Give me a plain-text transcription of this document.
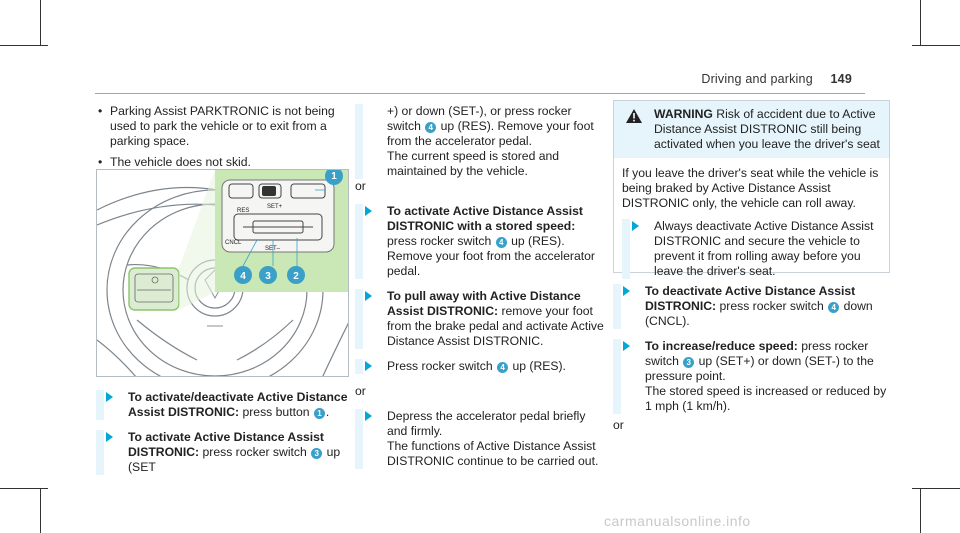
Driving and parking 149
• Parking Assist PARKTRONIC is not being used to park the vehicle or to exit from a parking space.
• The vehicle does not skid.
RES
SET+
CNCL
SET–
1
4 3 2
To activate/deactivate Active Distance Assist DISTRONIC: press button 1 .
To activate Active Distance Assist DISTRONIC: press rocker switch 3 up (SET
+) or down (SET-), or press rocker switch 4 up (RES). Remove your foot from the accelerator pedal.
The current speed is stored and maintained by the vehicle.
or
To activate Active Distance Assist DISTRONIC with a stored speed: press rocker switch 4 up (RES). Remove your foot from the accelerator pedal.
To pull away with Active Distance Assist DISTRONIC: remove your foot from the brake pedal and activate Active Distance Assist DISTRONIC.
Press rocker switch 4 up (RES).
or
Depress the accelerator pedal briefly and firmly.
The functions of Active Distance Assist DISTRONIC continue to be carried out.
WARNING Risk of accident due to Active Distance Assist DISTRONIC still being activated when you leave the driver's seat
If you leave the driver's seat while the vehicle is being braked by Active Distance Assist DISTRONIC only, the vehicle can roll away.
Always deactivate Active Distance Assist DISTRONIC and secure the vehicle to prevent it from rolling away before you leave the driver's seat.
To deactivate Active Distance Assist DISTRONIC: press rocker switch 4 down (CNCL).
To increase/reduce speed: press rocker switch 3 up (SET+) or down (SET-) to the pressure point.
The stored speed is increased or reduced by 1 mph (1 km/h).
or
carmanualsonline.info
